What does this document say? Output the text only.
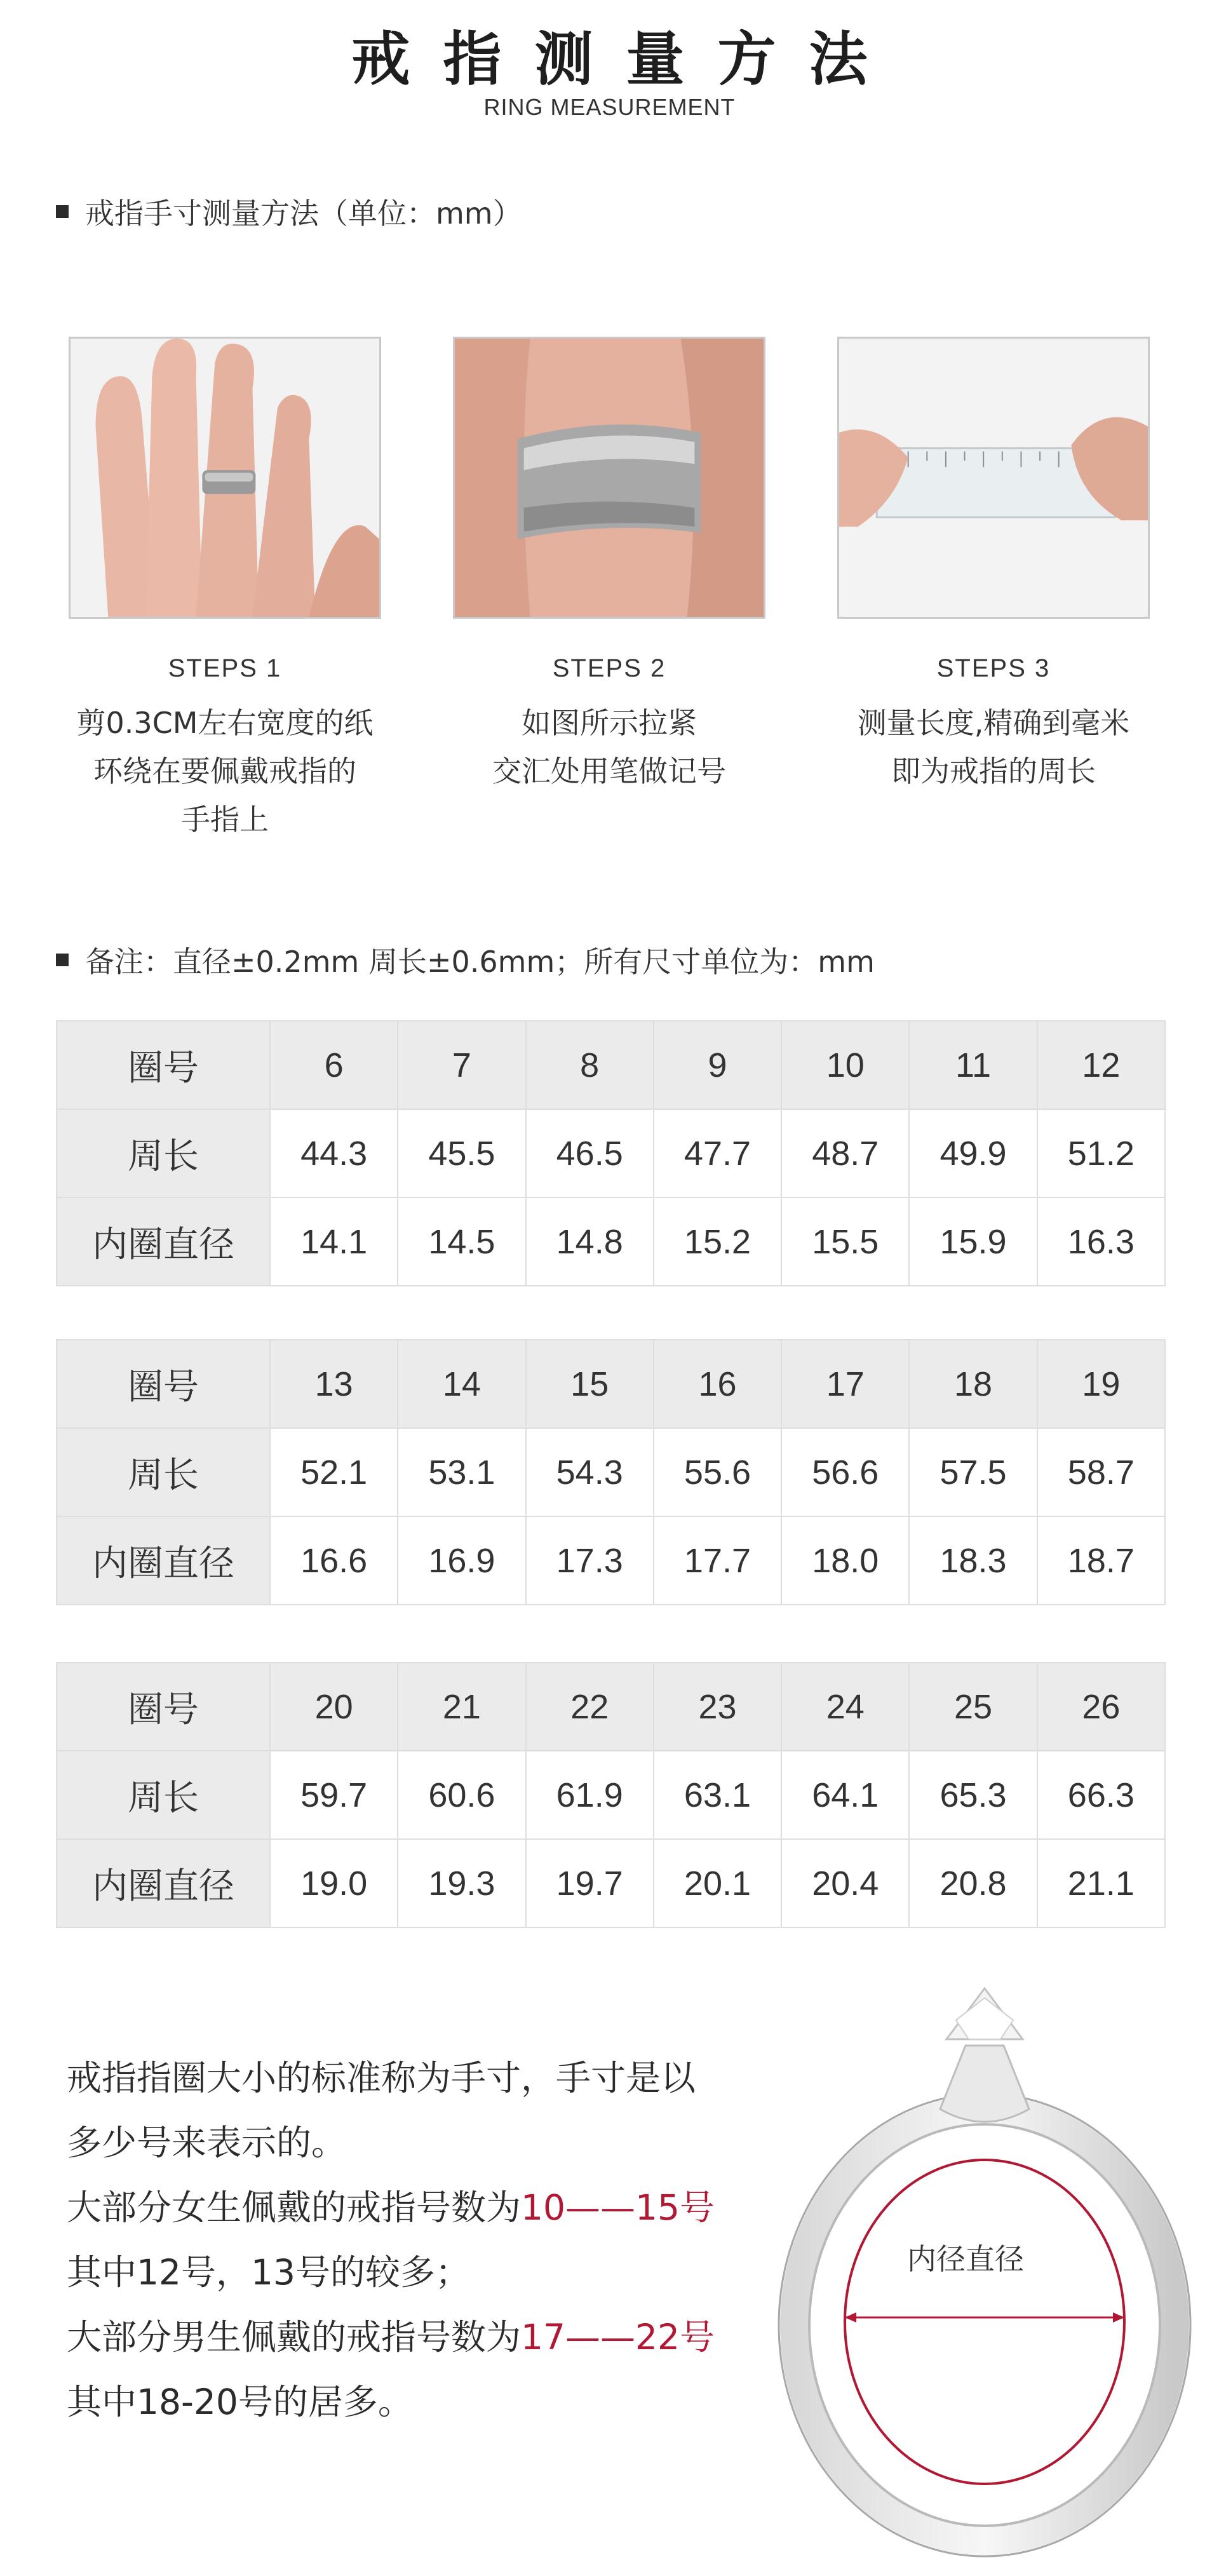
戒指测量方法
RING MEASUREMENT
戒指手寸测量方法（单位：mm）
STEPS 1
剪0.3CM左右宽度的纸
环绕在要佩戴戒指的
手指上
STEPS 2
如图所示拉紧
交汇处用笔做记号
STEPS 3
测量长度,精确到毫米
即为戒指的周长
备注：直径±0.2mm 周长±0.6mm；所有尺寸单位为：mm
圈号	6	7	8	9	10	11	12
周长	44.3	45.5	46.5	47.7	48.7	49.9	51.2
内圈直径	14.1	14.5	14.8	15.2	15.5	15.9	16.3
圈号	13	14	15	16	17	18	19
周长	52.1	53.1	54.3	55.6	56.6	57.5	58.7
内圈直径	16.6	16.9	17.3	17.7	18.0	18.3	18.7
圈号	20	21	22	23	24	25	26
周长	59.7	60.6	61.9	63.1	64.1	65.3	66.3
内圈直径	19.0	19.3	19.7	20.1	20.4	20.8	21.1
戒指指圈大小的标准称为手寸，手寸是以
多少号来表示的。
大部分女生佩戴的戒指号数为10——15号
其中12号，13号的较多；
大部分男生佩戴的戒指号数为17——22号
其中18-20号的居多。
内径直径
